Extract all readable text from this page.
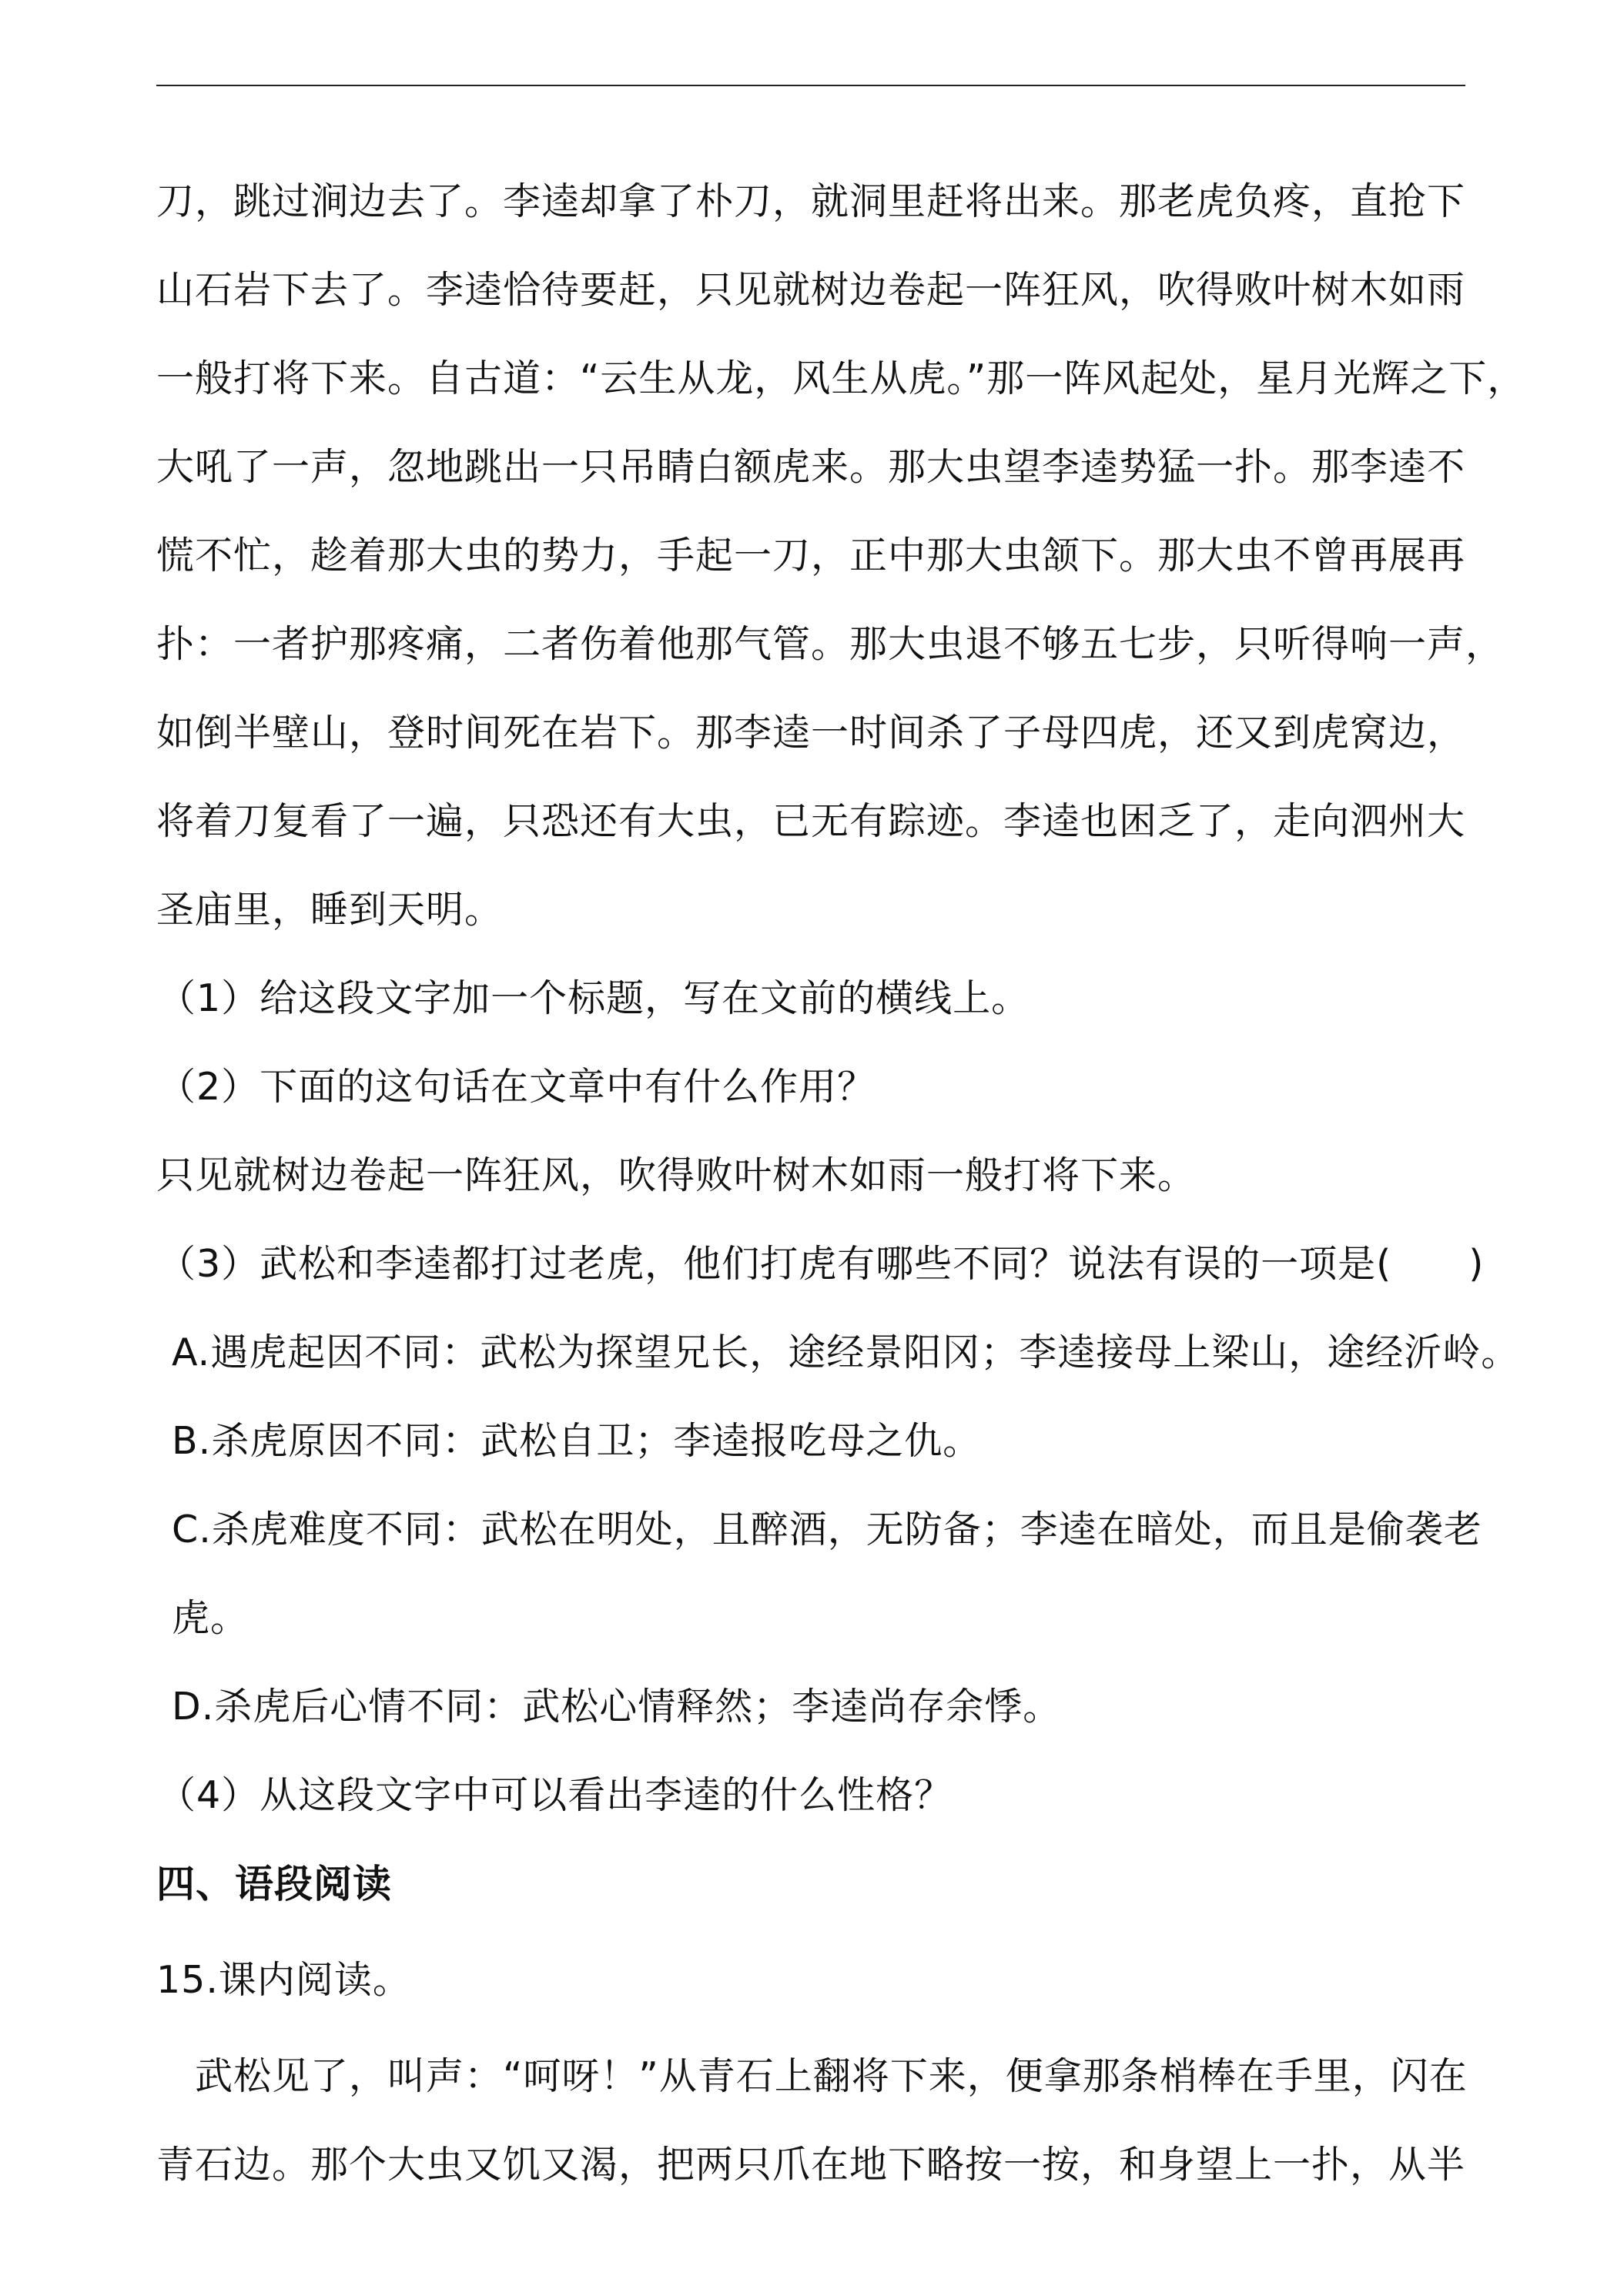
刀，跳过涧边去了。李逵却拿了朴刀，就洞里赶将出来。那老虎负疼，直抢下
山石岩下去了。李逵恰待要赶，只见就树边卷起一阵狂风，吹得败叶树木如雨
一般打将下来。自古道：“云生从龙，风生从虎。”那一阵风起处，星月光辉之下，
大吼了一声，忽地跳出一只吊睛白额虎来。那大虫望李逵势猛一扑。那李逵不
慌不忙，趁着那大虫的势力，手起一刀，正中那大虫颔下。那大虫不曾再展再
扑：一者护那疼痛，二者伤着他那气管。那大虫退不够五七步，只听得响一声，
如倒半壁山，登时间死在岩下。那李逵一时间杀了子母四虎，还又到虎窝边，
将着刀复看了一遍，只恐还有大虫，已无有踪迹。李逵也困乏了，走向泗州大
圣庙里，睡到天明。
（1）给这段文字加一个标题，写在文前的横线上。
（2）下面的这句话在文章中有什么作用？
只见就树边卷起一阵狂风，吹得败叶树木如雨一般打将下来。
（3）武松和李逵都打过老虎，他们打虎有哪些不同？说法有误的一项是(　　)
A.遇虎起因不同：武松为探望兄长，途经景阳冈；李逵接母上梁山，途经沂岭。
B.杀虎原因不同：武松自卫；李逵报吃母之仇。
C.杀虎难度不同：武松在明处，且醉酒，无防备；李逵在暗处，而且是偷袭老
虎。
D.杀虎后心情不同：武松心情释然；李逵尚存余悸。
（4）从这段文字中可以看出李逵的什么性格？
四、语段阅读
15.课内阅读。
武松见了，叫声：“呵呀！”从青石上翻将下来，便拿那条梢棒在手里，闪在
青石边。那个大虫又饥又渴，把两只爪在地下略按一按，和身望上一扑，从半
